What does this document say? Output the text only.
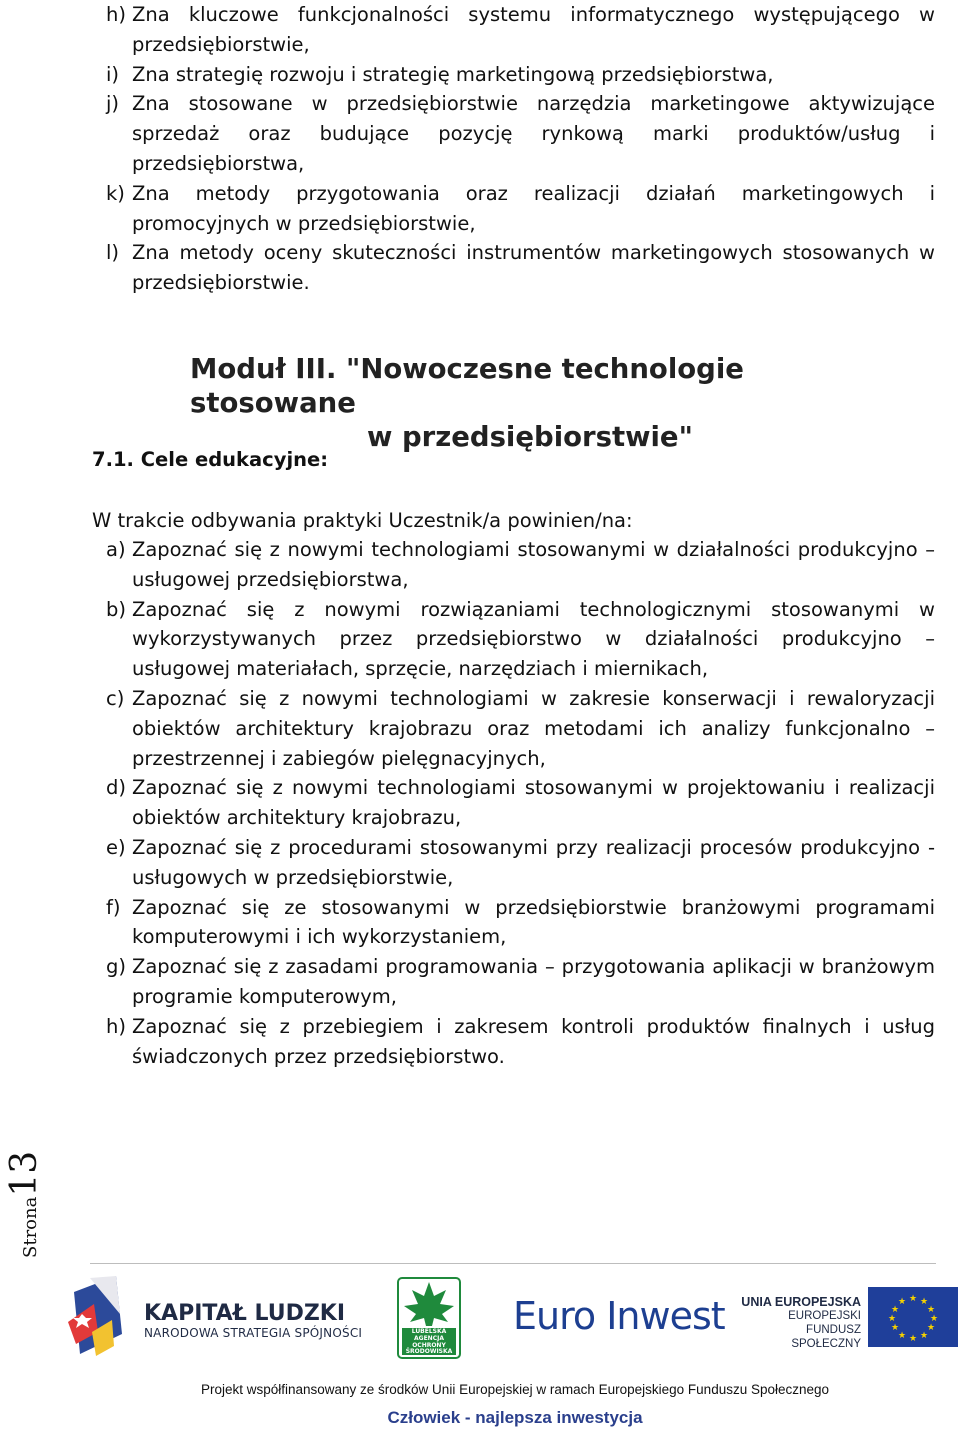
h) Zna kluczowe funkcjonalności systemu informatycznego występującego w przedsiębiorstwie,
i) Zna strategię rozwoju i strategię marketingową przedsiębiorstwa,
j) Zna stosowane w przedsiębiorstwie narzędzia marketingowe aktywizujące sprzedaż oraz budujące pozycję rynkową marki produktów/usług i przedsiębiorstwa,
k) Zna metody przygotowania oraz realizacji działań marketingowych i promocyjnych w przedsiębiorstwie,
l) Zna metody oceny skuteczności instrumentów marketingowych stosowanych w przedsiębiorstwie.
Moduł III. "Nowoczesne technologie stosowane
w przedsiębiorstwie"
7.1. Cele edukacyjne:
W trakcie odbywania praktyki Uczestnik/a powinien/na:
a) Zapoznać się z nowymi technologiami stosowanymi w działalności produkcyjno – usługowej przedsiębiorstwa,
b) Zapoznać się z nowymi rozwiązaniami technologicznymi stosowanymi w wykorzystywanych przez przedsiębiorstwo w działalności produkcyjno – usługowej materiałach, sprzęcie, narzędziach i miernikach,
c) Zapoznać się z nowymi technologiami w zakresie konserwacji i rewaloryzacji obiektów architektury krajobrazu oraz metodami ich analizy funkcjonalno – przestrzennej i zabiegów pielęgnacyjnych,
d) Zapoznać się z nowymi technologiami stosowanymi w projektowaniu i realizacji obiektów architektury krajobrazu,
e) Zapoznać się z procedurami stosowanymi przy realizacji procesów produkcyjno - usługowych w przedsiębiorstwie,
f) Zapoznać się ze stosowanymi w przedsiębiorstwie branżowymi programami komputerowymi i ich wykorzystaniem,
g) Zapoznać się z zasadami programowania – przygotowania aplikacji w branżowym programie komputerowym,
h) Zapoznać się z przebiegiem i zakresem kontroli produktów finalnych i usług świadczonych przez przedsiębiorstwo.
Strona13
KAPITAŁ LUDZKI
NARODOWA STRATEGIA SPÓJNOŚCI	LUBELSKA
AGENCJA
OCHRONY
ŚRODOWISKA
Euro Inwest UNIA EUROPEJSKA
EUROPEJSKI
FUNDUSZ SPOŁECZNY
★ ★
★
★
★
★
★
★
★
★
★
★
Projekt współfinansowany ze środków Unii Europejskiej w ramach Europejskiego Funduszu Społecznego
Człowiek - najlepsza inwestycja
